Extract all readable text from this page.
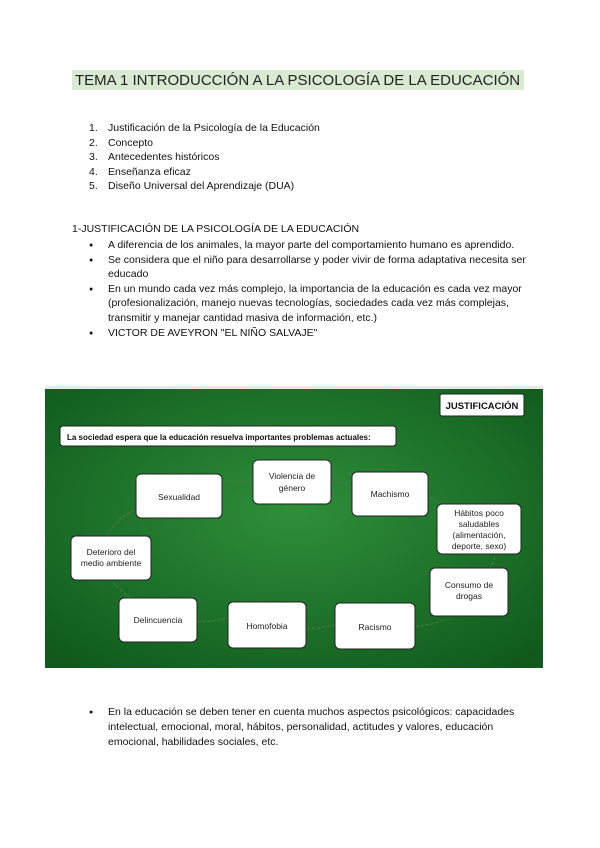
TEMA 1 INTRODUCCIÓN A LA PSICOLOGÍA DE LA EDUCACIÓN
1. Justificación de la Psicología de la Educación
2. Concepto
3. Antecedentes históricos
4. Enseñanza eficaz
5. Diseño Universal del Aprendizaje (DUA)
1-JUSTIFICACIÓN DE LA PSICOLOGÍA DE LA EDUCACIÓN
● A diferencia de los animales, la mayor parte del comportamiento humano es aprendido.
● Se considera que el niño para desarrollarse y poder vivir de forma adaptativa necesita ser educado
● En un mundo cada vez más complejo, la importancia de la educación es cada vez mayor (profesionalización, manejo nuevas tecnologías, sociedades cada vez más complejas, transmitir y manejar cantidad masiva de información, etc.)
● VICTOR DE AVEYRON "EL NIÑO SALVAJE"
JUSTIFICACIÓN
La sociedad espera que la educación resuelva importantes problemas actuales:
Sexualidad
Violencia de
género
Machismo
Hábitos poco
saludables
(alimentación,
deporte, sexo)
Deterioro del
medio ambiente
Consumo de
drogas
Delincuencia
Homofobia	Racismo
● En la educación se deben tener en cuenta muchos aspectos psicológicos: capacidades intelectual, emocional, moral, hábitos, personalidad, actitudes y valores, educación emocional, habilidades sociales, etc.
